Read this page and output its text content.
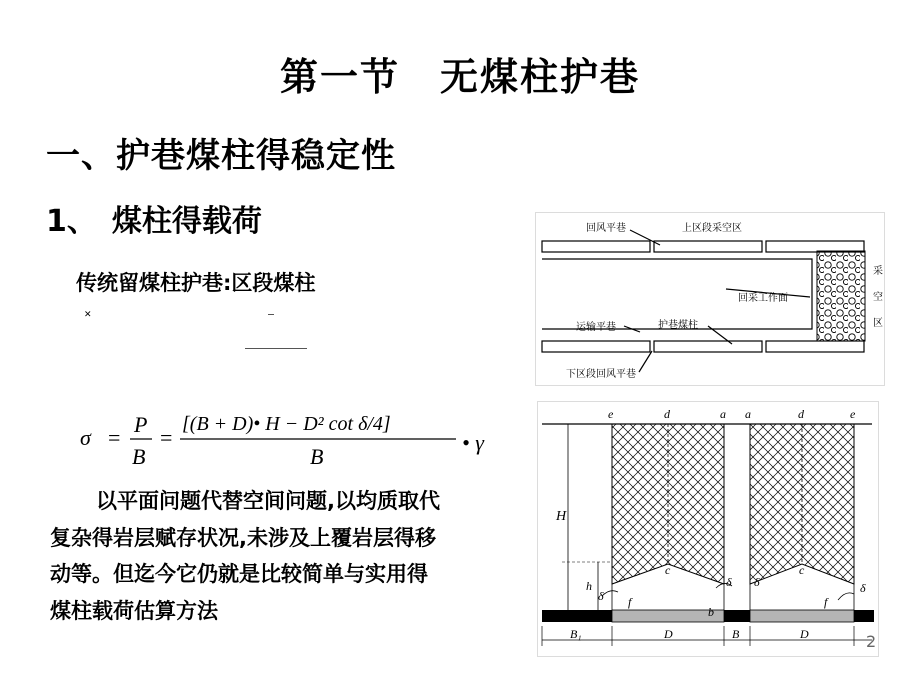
第一节　无煤柱护巷
一、护巷煤柱得稳定性
1、　煤柱得载荷
传统留煤柱护巷:区段煤柱
✕
σ =
P
B
=
[(B + D)• H − D² cot δ/4]
B
• γ
以平面问题代替空间问题,以均质取代
复杂得岩层赋存状况,未涉及上覆岩层得移
动等。但迄今它仍就是比较简单与实用得
煤柱载荷估算方法
回风平巷	上区段采空区
回采工作面
运输平巷	护巷煤柱
下区段回风平巷
采
空
区
e	d	a a	d	e
H
h
c	c
f	f
b
δ
δ δ	δ
B₁	D	B	D	2
